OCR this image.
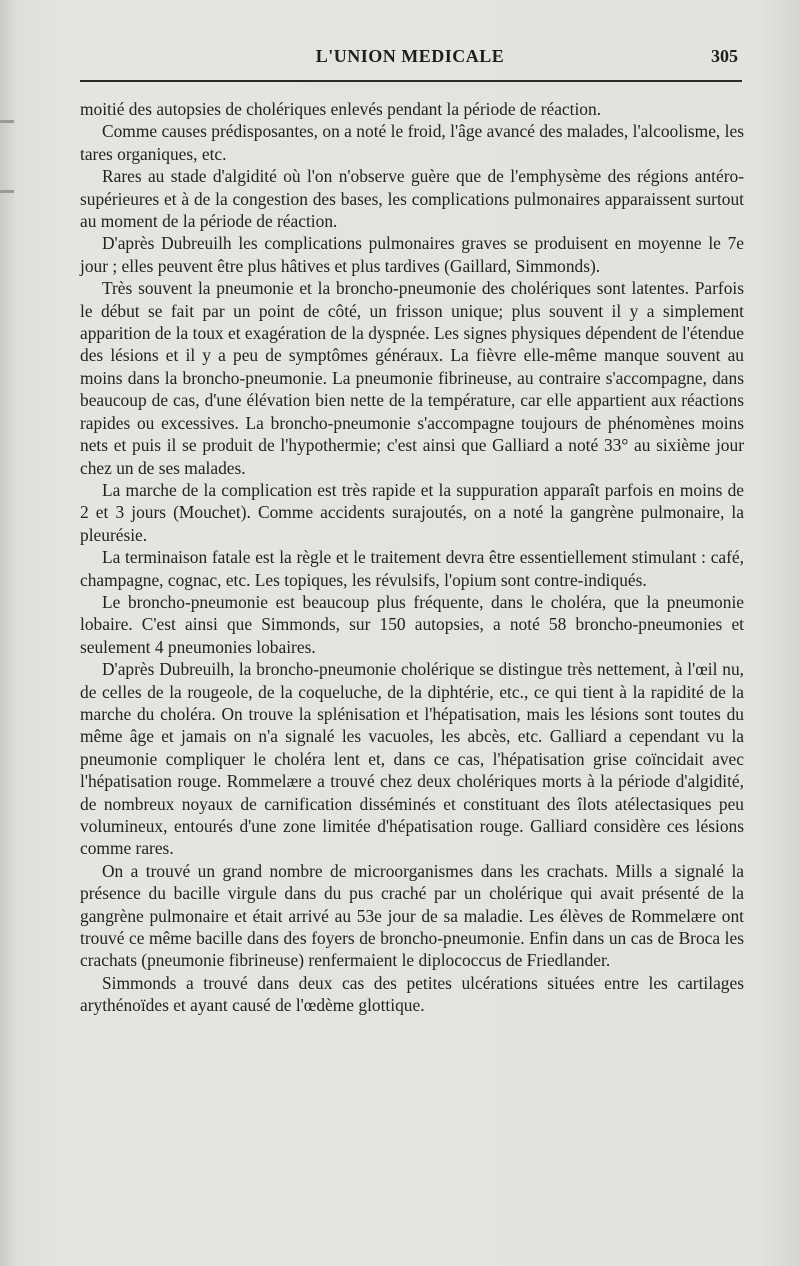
L'UNION MEDICALE	305

moitié des autopsies de cholériques enlevés pendant la période de réaction.

Comme causes prédisposantes, on a noté le froid, l'âge avancé des malades, l'alcoolisme, les tares organiques, etc.

Rares au stade d'algidité où l'on n'observe guère que de l'emphysème des régions antéro-supérieures et à de la congestion des bases, les complications pulmonaires apparaissent surtout au moment de la période de réaction.

D'après Dubreuilh les complications pulmonaires graves se produisent en moyenne le 7e jour ; elles peuvent être plus hâtives et plus tardives (Gaillard, Simmonds).

Très souvent la pneumonie et la broncho-pneumonie des cholériques sont latentes. Parfois le début se fait par un point de côté, un frisson unique; plus souvent il y a simplement apparition de la toux et exagération de la dyspnée. Les signes physiques dépendent de l'étendue des lésions et il y a peu de symptômes généraux. La fièvre elle-même manque souvent au moins dans la broncho-pneumonie. La pneumonie fibrineuse, au contraire s'accompagne, dans beaucoup de cas, d'une élévation bien nette de la température, car elle appartient aux réactions rapides ou excessives. La broncho-pneumonie s'accompagne toujours de phénomènes moins nets et puis il se produit de l'hypothermie; c'est ainsi que Galliard a noté 33° au sixième jour chez un de ses malades.

La marche de la complication est très rapide et la suppuration apparaît parfois en moins de 2 et 3 jours (Mouchet). Comme accidents surajoutés, on a noté la gangrène pulmonaire, la pleurésie.

La terminaison fatale est la règle et le traitement devra être essentiellement stimulant : café, champagne, cognac, etc. Les topiques, les révulsifs, l'opium sont contre-indiqués.

Le broncho-pneumonie est beaucoup plus fréquente, dans le choléra, que la pneumonie lobaire. C'est ainsi que Simmonds, sur 150 autopsies, a noté 58 broncho-pneumonies et seulement 4 pneumonies lobaires.

D'après Dubreuilh, la broncho-pneumonie cholérique se distingue très nettement, à l'œil nu, de celles de la rougeole, de la coqueluche, de la diphtérie, etc., ce qui tient à la rapidité de la marche du choléra. On trouve la splénisation et l'hépatisation, mais les lésions sont toutes du même âge et jamais on n'a signalé les vacuoles, les abcès, etc. Galliard a cependant vu la pneumonie compliquer le choléra lent et, dans ce cas, l'hépatisation grise coïncidait avec l'hépatisation rouge. Rommelære a trouvé chez deux cholériques morts à la période d'algidité, de nombreux noyaux de carnification disséminés et constituant des îlots atélectasiques peu volumineux, entourés d'une zone limitée d'hépatisation rouge. Galliard considère ces lésions comme rares.

On a trouvé un grand nombre de microorganismes dans les crachats. Mills a signalé la présence du bacille virgule dans du pus craché par un cholérique qui avait présenté de la gangrène pulmonaire et était arrivé au 53e jour de sa maladie. Les élèves de Rommelære ont trouvé ce même bacille dans des foyers de broncho-pneumonie. Enfin dans un cas de Broca les crachats (pneumonie fibrineuse) renfermaient le diplococcus de Friedlander.

Simmonds a trouvé dans deux cas des petites ulcérations situées entre les cartilages arythénoïdes et ayant causé de l'œdème glottique.
